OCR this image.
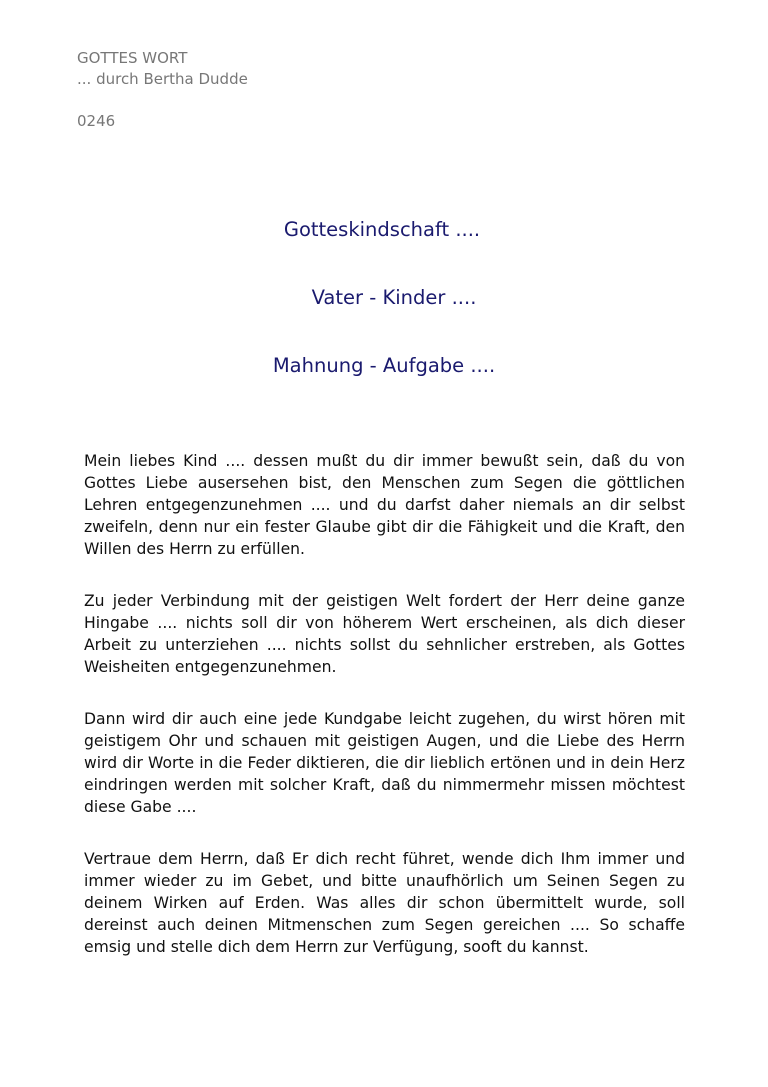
GOTTES WORT
... durch Bertha Dudde
0246
Gotteskindschaft ....
Vater - Kinder ....
Mahnung - Aufgabe ....

Mein liebes Kind .... dessen mußt du dir immer bewußt sein, daß du von Gottes Liebe ausersehen bist, den Menschen zum Segen die göttlichen Lehren entgegenzunehmen .... und du darfst daher niemals an dir selbst zweifeln, denn nur ein fester Glaube gibt dir die Fähigkeit und die Kraft, den Willen des Herrn zu erfüllen.

Zu jeder Verbindung mit der geistigen Welt fordert der Herr deine ganze Hingabe .... nichts soll dir von höherem Wert erscheinen, als dich dieser Arbeit zu unterziehen .... nichts sollst du sehnlicher erstreben, als Gottes Weisheiten entgegenzunehmen.

Dann wird dir auch eine jede Kundgabe leicht zugehen, du wirst hören mit geistigem Ohr und schauen mit geistigen Augen, und die Liebe des Herrn wird dir Worte in die Feder diktieren, die dir lieblich ertönen und in dein Herz eindringen werden mit solcher Kraft, daß du nimmermehr missen möchtest diese Gabe ....

Vertraue dem Herrn, daß Er dich recht führet, wende dich Ihm immer und immer wieder zu im Gebet, und bitte unaufhörlich um Seinen Segen zu deinem Wirken auf Erden. Was alles dir schon übermittelt wurde, soll dereinst auch deinen Mitmenschen zum Segen gereichen .... So schaffe emsig und stelle dich dem Herrn zur Verfügung, sooft du kannst.
